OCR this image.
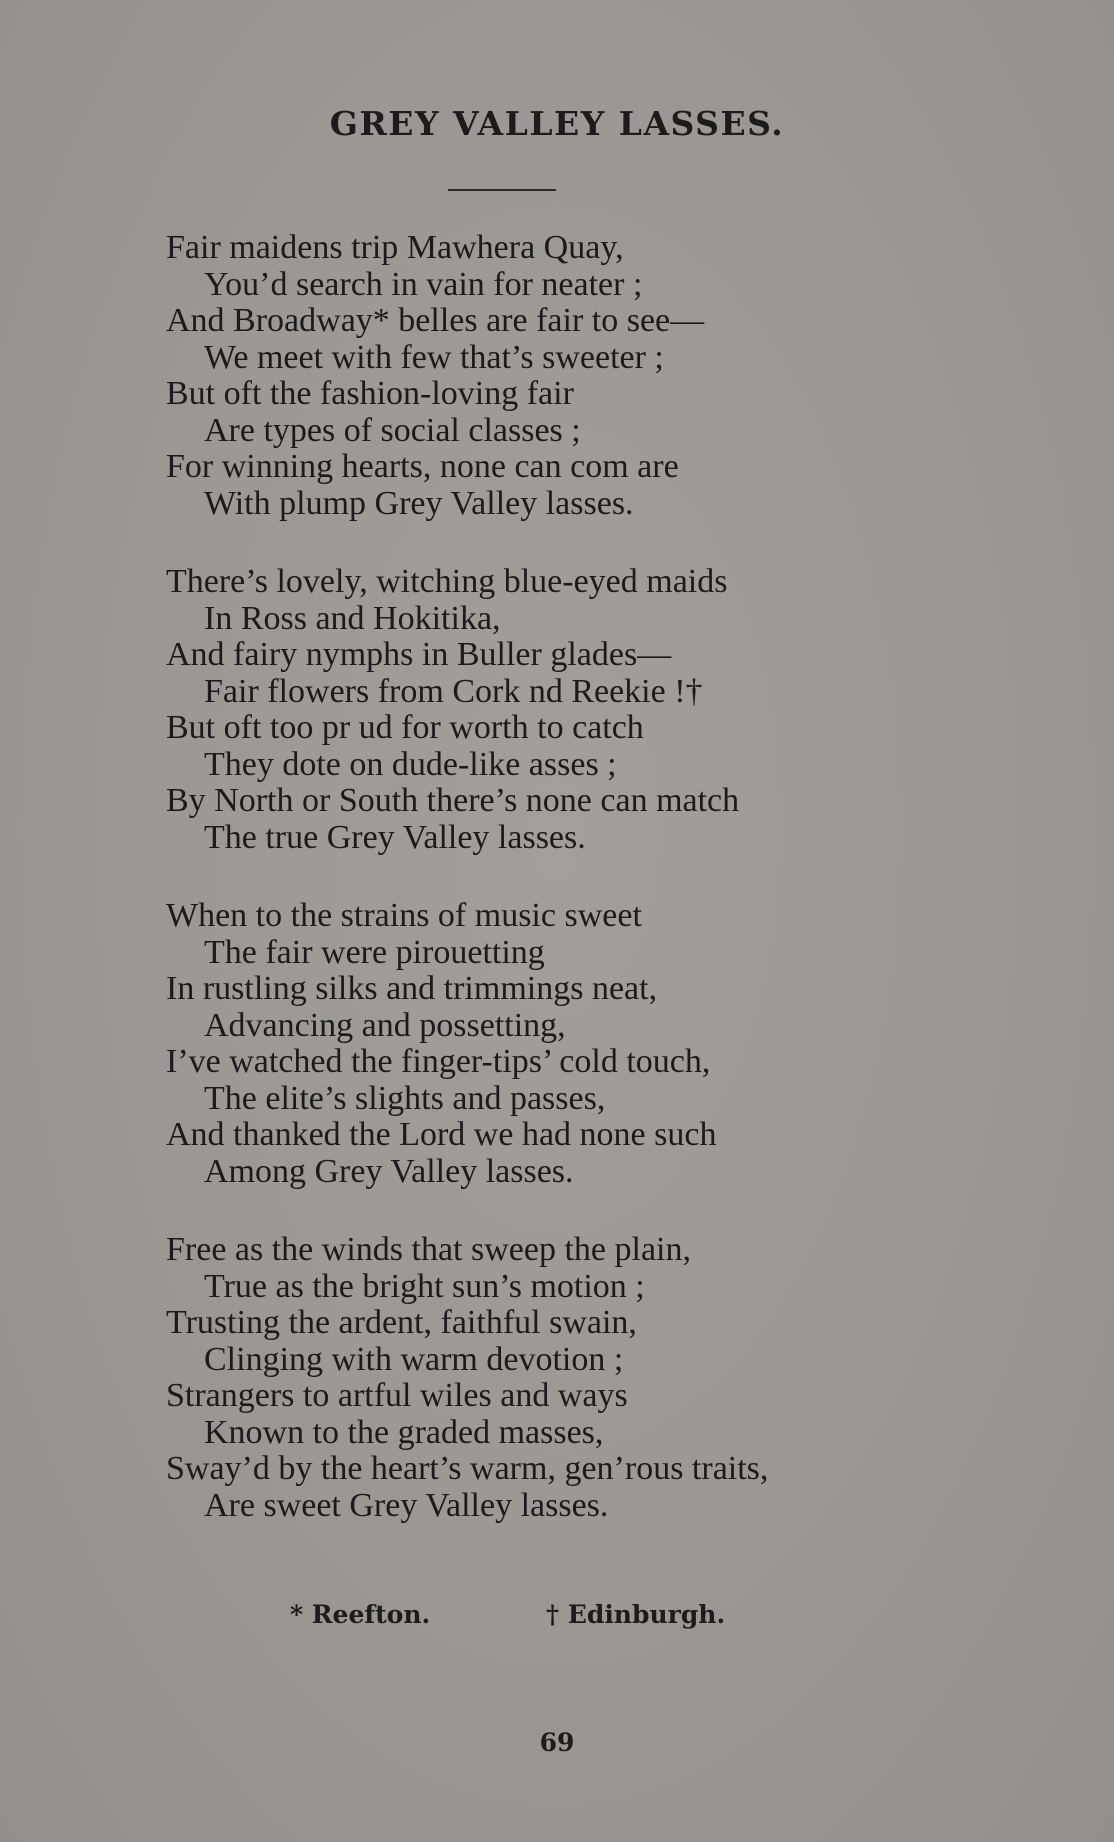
GREY VALLEY LASSES.
Fair maidens trip Mawhera Quay,
You’d search in vain for neater ;
And Broadway* belles are fair to see—
We meet with few that’s sweeter ;
But oft the fashion-loving fair
Are types of social classes ;
For winning hearts, none can com are
With plump Grey Valley lasses.
There’s lovely, witching blue-eyed maids
In Ross and Hokitika,
And fairy nymphs in Buller glades—
Fair flowers from Cork nd Reekie !†
But oft too pr ud for worth to catch
They dote on dude-like asses ;
By North or South there’s none can match
The true Grey Valley lasses.
When to the strains of music sweet
The fair were pirouetting
In rustling silks and trimmings neat,
Advancing and possetting,
I’ve watched the finger-tips’ cold touch,
The elite’s slights and passes,
And thanked the Lord we had none such
Among Grey Valley lasses.
Free as the winds that sweep the plain,
True as the bright sun’s motion ;
Trusting the ardent, faithful swain,
Clinging with warm devotion ;
Strangers to artful wiles and ways
Known to the graded masses,
Sway’d by the heart’s warm, gen’rous traits,
Are sweet Grey Valley lasses.
* Reefton.	† Edinburgh.
69
